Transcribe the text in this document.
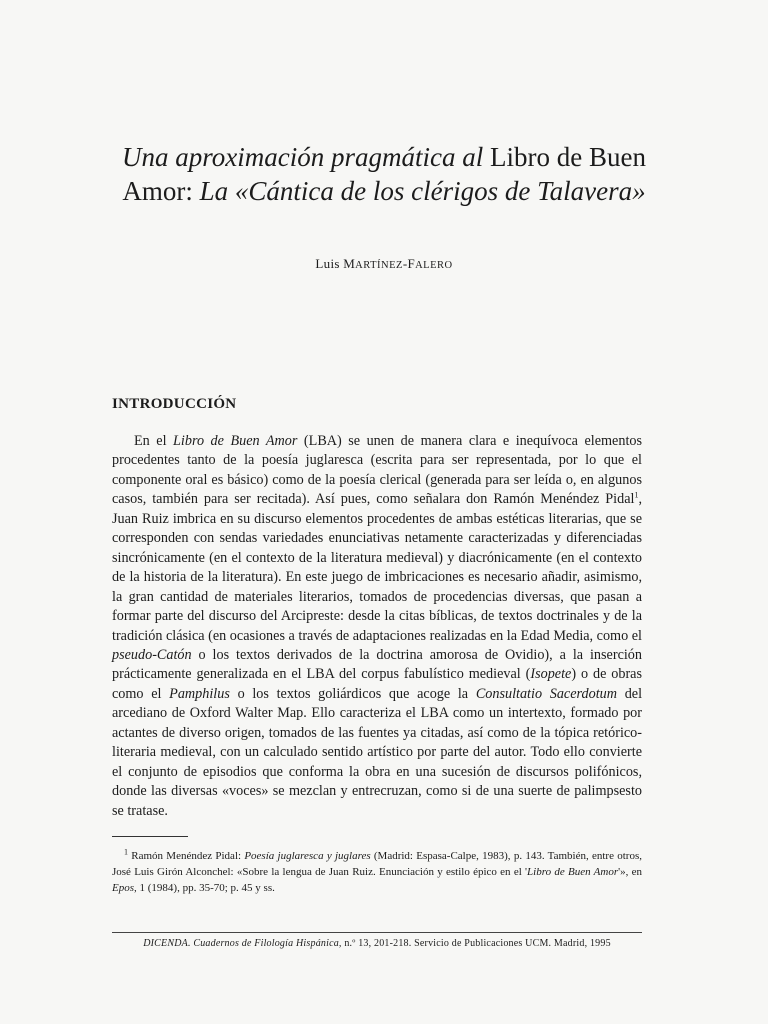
Una aproximación pragmática al Libro de Buen Amor: La «Cántica de los clérigos de Talavera»
Luis MARTÍNEZ-FALERO
INTRODUCCIÓN

En el Libro de Buen Amor (LBA) se unen de manera clara e inequívoca elementos procedentes tanto de la poesía juglaresca (escrita para ser representada, por lo que el componente oral es básico) como de la poesía clerical (generada para ser leída o, en algunos casos, también para ser recitada). Así pues, como señalara don Ramón Menéndez Pidal$^1$, Juan Ruiz imbrica en su discurso elementos procedentes de ambas estéticas literarias, que se corresponden con sendas variedades enunciativas netamente caracterizadas y diferenciadas sincrónicamente (en el contexto de la literatura medieval) y diacrónicamente (en el contexto de la historia de la literatura). En este juego de imbricaciones es necesario añadir, asimismo, la gran cantidad de materiales literarios, tomados de procedencias diversas, que pasan a formar parte del discurso del Arcipreste: desde la citas bíblicas, de textos doctrinales y de la tradición clásica (en ocasiones a través de adaptaciones realizadas en la Edad Media, como el pseudo-Catón o los textos derivados de la doctrina amorosa de Ovidio), a la inserción prácticamente generalizada en el LBA del corpus fabulístico medieval (Isopete) o de obras como el Pamphilus o los textos goliárdicos que acoge la Consultatio Sacerdotum del arcediano de Oxford Walter Map. Ello caracteriza el LBA como un intertexto, formado por actantes de diverso origen, tomados de las fuentes ya citadas, así como de la tópica retórico-literaria medieval, con un calculado sentido artístico por parte del autor. Todo ello convierte el conjunto de episodios que conforma la obra en una sucesión de discursos polifónicos, donde las diversas «voces» se mezclan y entrecruzan, como si de una suerte de palimpsesto se tratase.

$^1$ Ramón Menéndez Pidal: Poesía juglaresca y juglares (Madrid: Espasa-Calpe, 1983), p. 143. También, entre otros, José Luis Girón Alconchel: «Sobre la lengua de Juan Ruiz. Enunciación y estilo épico en el 'Libro de Buen Amor'», en Epos, 1 (1984), pp. 35-70; p. 45 y ss.

DICENDA. Cuadernos de Filología Hispánica, n.º 13, 201-218. Servicio de Publicaciones UCM. Madrid, 1995
